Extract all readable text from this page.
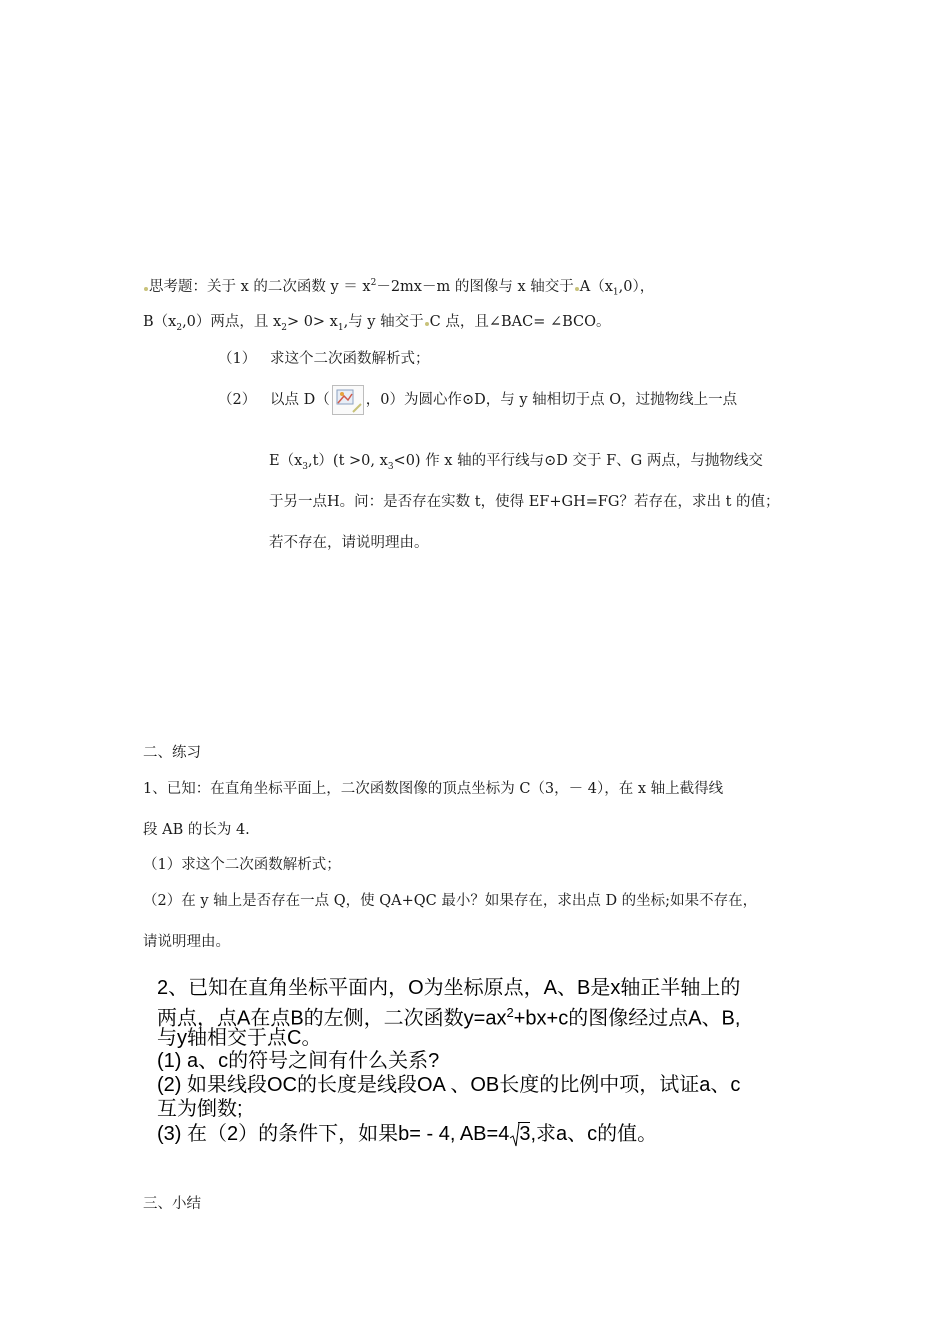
思考题：关于 x 的二次函数 $y = x^2-2mx-m$ 的图像与 x 轴交于 $A(x_1,0)$，
$B(x_2,0)$两点，且 $x_2> 0> x_1$,与 y 轴交于 C 点，且∠BAC= ∠BCO。
（1） 求这个二次函数解析式；
（2） 以点 D（ ，0）为圆心作⊙D，与 y 轴相切于点 O，过抛物线上一点
$E(x_3,t)(t >0$, $x_3<0$) 作 x 轴的平行线与⊙D 交于 F、G 两点，与抛物线交
于另一点H。问：是否存在实数 t，使得 EF+GH=FG？若存在，求出 t 的值；
若不存在，请说明理由。
二、练习
1、已知：在直角坐标平面上，二次函数图像的顶点坐标为 C（3，－ 4），在 x 轴上截得线
段 AB 的长为 4.
（1）求这个二次函数解析式；
（2）在 y 轴上是否存在一点 Q，使 QA+QC 最小？如果存在，求出点 D 的坐标;如果不存在，
请说明理由。
2、已知在直角坐标平面内，O为坐标原点，A、B是x轴正半轴上的
两点，点A在点B的左侧，二次函数$y=ax^2+bx+c$的图像经过点A、B,
与y轴相交于点C。
(1) a、c的符号之间有什么关系?
(2) 如果线段OC的长度是线段OA 、OB长度的比例中项，试证a、c
互为倒数;
(3) 在（2）的条件下，如果b= - 4, AB=4 3,求a、c的值。
三、小结
